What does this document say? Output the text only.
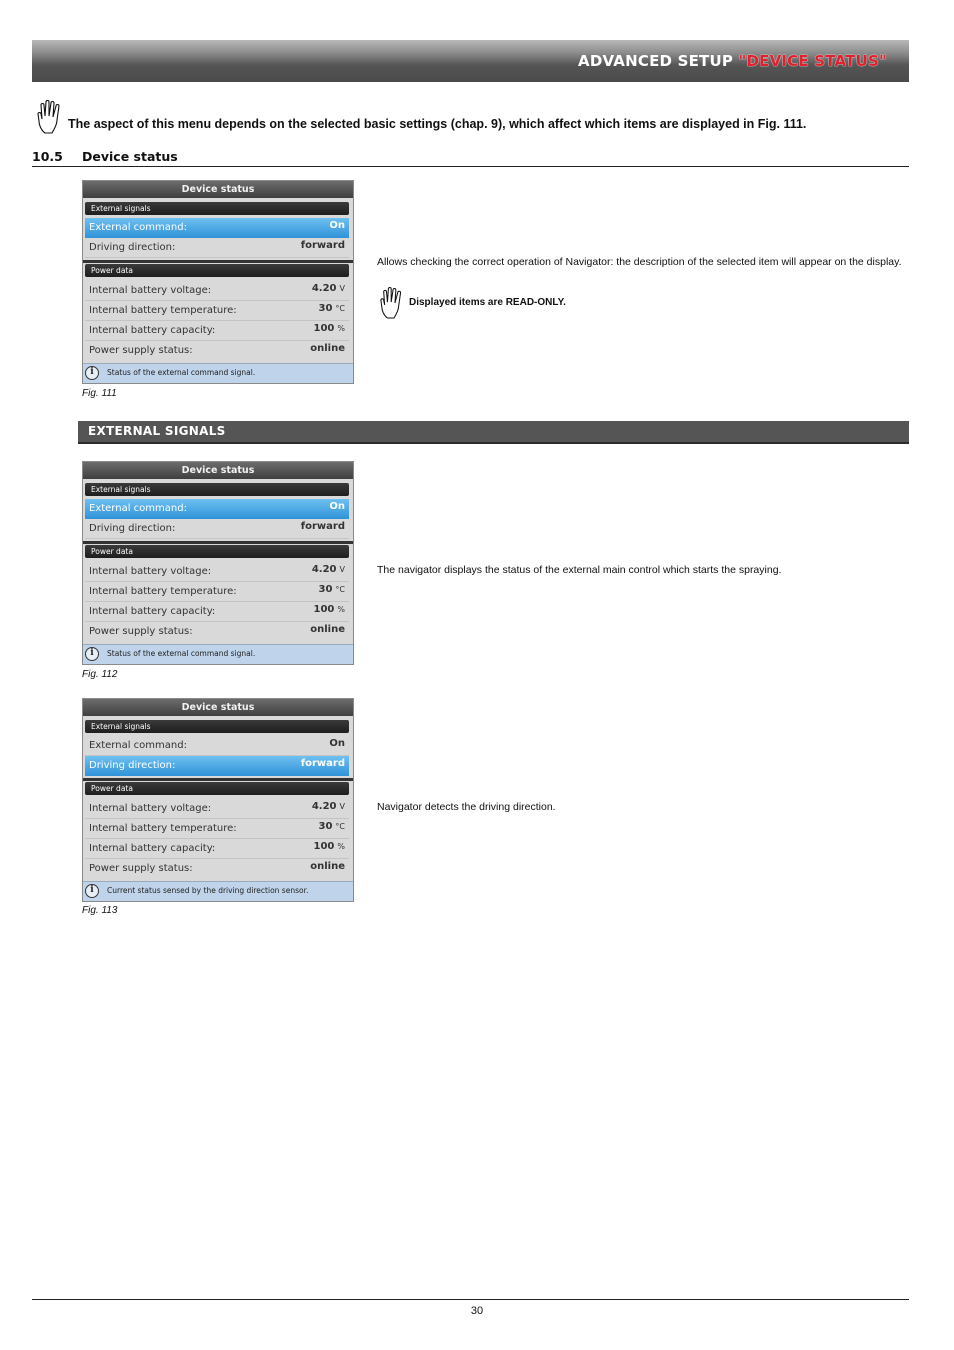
ADVANCED SETUP "DEVICE STATUS"
The aspect of this menu depends on the selected basic settings (chap. 9), which affect which items are displayed in Fig. 111.
10.5 Device status
Device status
External signals
External command:	On
Driving direction:	forward
Power data
Internal battery voltage:	4.20 V
Internal battery temperature:	30 °C
Internal battery capacity:	100 %
Power supply status:	online
i	Status of the external command signal.
Fig. 111
Allows checking the correct operation of Navigator: the description of the selected item will appear on the display.
Displayed items are READ-ONLY.
EXTERNAL SIGNALS
Device status
External signals
External command:	On
Driving direction:	forward
Power data
Internal battery voltage:	4.20 V
Internal battery temperature:	30 °C
Internal battery capacity:	100 %
Power supply status:	online
i	Status of the external command signal.
Fig. 112
The navigator displays the status of the external main control which starts the spraying.
Device status
External signals
External command:	On
Driving direction:	forward
Power data
Internal battery voltage:	4.20 V
Internal battery temperature:	30 °C
Internal battery capacity:	100 %
Power supply status:	online
i	Current status sensed by the driving direction sensor.
Fig. 113
Navigator detects the driving direction.
30
